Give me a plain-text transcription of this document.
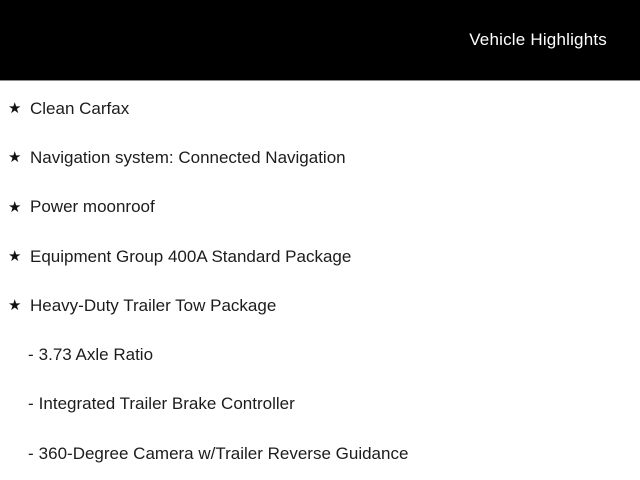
Vehicle Highlights
★ Clean Carfax
★ Navigation system: Connected Navigation
★ Power moonroof
★ Equipment Group 400A Standard Package
★ Heavy-Duty Trailer Tow Package
- 3.73 Axle Ratio
- Integrated Trailer Brake Controller
- 360-Degree Camera w/Trailer Reverse Guidance
